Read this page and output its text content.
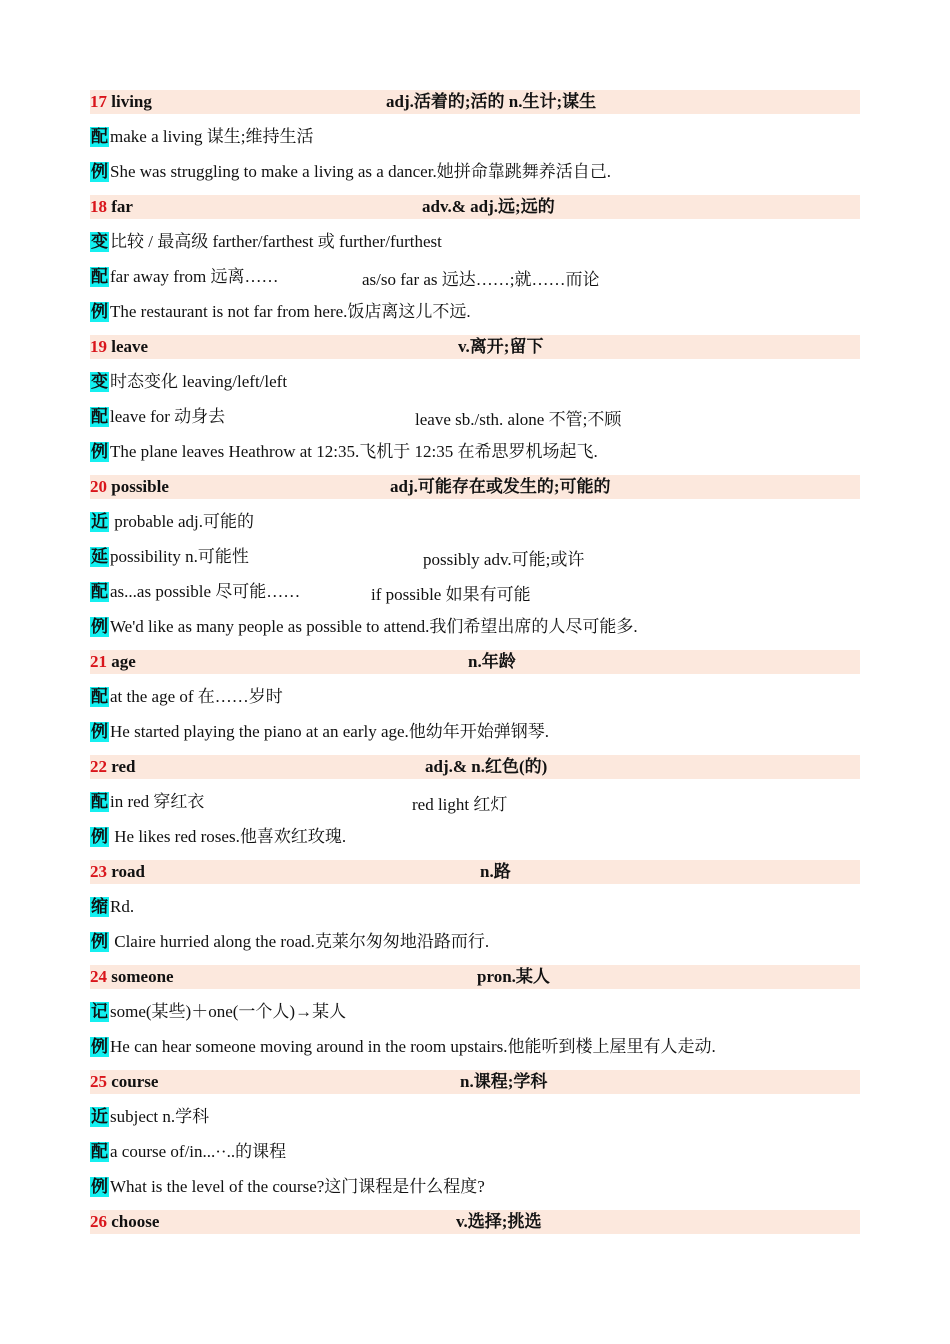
17 living	adj.活着的;活的 n.生计;谋生
配 make a living 谋生;维持生活
例 She was struggling to make a living as a dancer.她拼命靠跳舞养活自己.
18 far	adv.& adj.远;远的
变 比较 / 最高级 farther/farthest 或 further/furthest
配 far away from 远离……	as/so far as 远达……;就……而论
例 The restaurant is not far from here.饭店离这儿不远.
19 leave	v.离开;留下
变 时态变化 leaving/left/left
配 leave for 动身去	leave sb./sth. alone 不管;不顾
例 The plane leaves Heathrow at 12:35.飞机于 12:35 在希思罗机场起飞.
20 possible	adj.可能存在或发生的;可能的
近 probable adj.可能的
延 possibility n.可能性	possibly adv.可能;或许
配 as...as possible 尽可能……	if possible 如果有可能
例 We'd like as many people as possible to attend.我们希望出席的人尽可能多.
21 age	n.年龄
配 at the age of 在……岁时
例 He started playing the piano at an early age.他幼年开始弹钢琴.
22 red	adj.& n.红色(的)
配 in red 穿红衣	red light 红灯
例 He likes red roses.他喜欢红玫瑰.
23 road	n.路
缩 Rd.
例 Claire hurried along the road.克莱尔匆匆地沿路而行.
24 someone	pron.某人
记 some(某些)＋one(一个人)→某人
例 He can hear someone moving around in the room upstairs.他能听到楼上屋里有人走动.
25 course	n.课程;学科
近 subject n.学科
配 a course of/in...··..的课程
例 What is the level of the course?这门课程是什么程度?
26 choose	v.选择;挑选
